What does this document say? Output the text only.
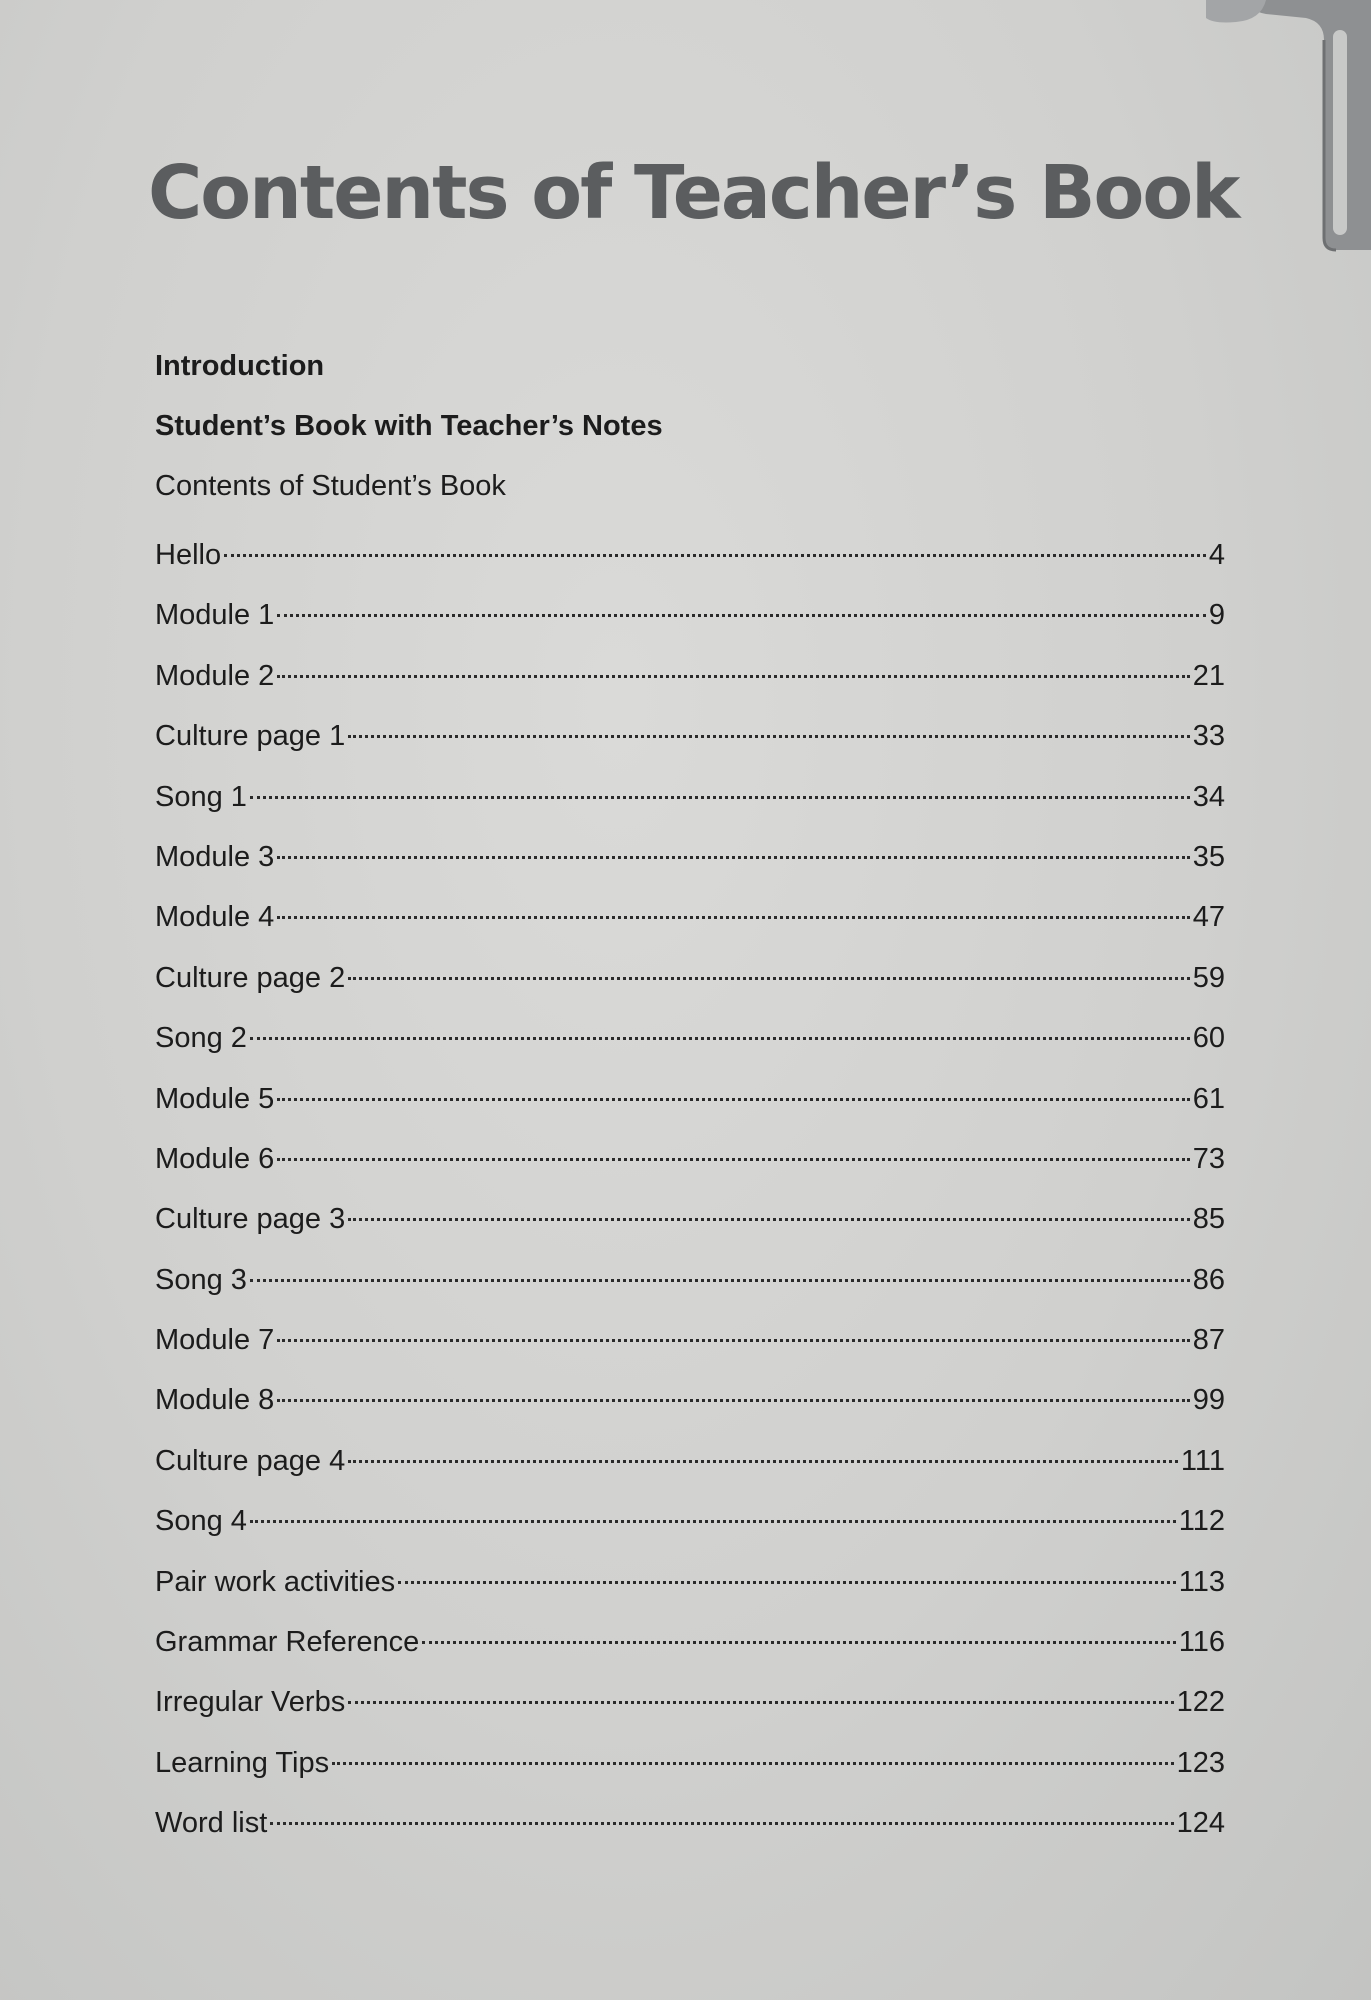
Contents of Teacher’s Book
Introduction
Student’s Book with Teacher’s Notes
Contents of Student’s Book
Hello	4
Module 1	9
Module 2	21
Culture page 1	33
Song 1	34
Module 3	35
Module 4	47
Culture page 2	59
Song 2	60
Module 5	61
Module 6	73
Culture page 3	85
Song 3	86
Module 7	87
Module 8	99
Culture page 4	111
Song 4	112
Pair work activities	113
Grammar Reference	116
Irregular Verbs	122
Learning Tips	123
Word list	124
